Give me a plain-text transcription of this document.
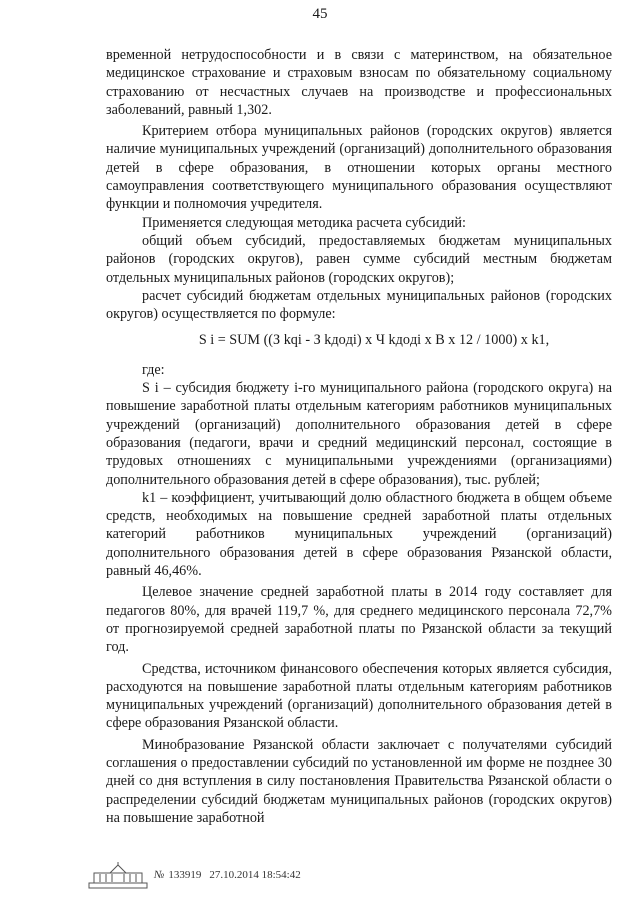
45

временной нетрудоспособности и в связи с материнством, на обязательное медицинское страхование и страховым взносам по обязательному социальному страхованию от несчастных случаев на производстве и профессиональных заболеваний, равный 1,302.

Критерием отбора муниципальных районов (городских округов) является наличие муниципальных учреждений (организаций) дополнительного образования детей в сфере образования, в отношении которых органы местного самоуправления соответствующего муниципального образования осуществляют функции и полномочия учредителя.

Применяется следующая методика расчета субсидий:

общий объем субсидий, предоставляемых бюджетам муниципальных районов (городских округов), равен сумме субсидий местным бюджетам отдельных муниципальных районов (городских округов);

расчет субсидий бюджетам отдельных муниципальных районов (городских округов) осуществляется по формуле:

S i = SUM ((З kqi - З kдoдi) х Ч kдoдi х В х 12 / 1000) х k1,

где:

S i – субсидия бюджету i-го муниципального района (городского округа) на повышение заработной платы отдельным категориям работников муниципальных учреждений (организаций) дополнительного образования детей в сфере образования (педагоги, врачи и средний медицинский персонал, состоящие в трудовых отношениях с муниципальными учреждениями (организациями) дополнительного образования детей в сфере образования), тыс. рублей;

k1 – коэффициент, учитывающий долю областного бюджета в общем объеме средств, необходимых на повышение средней заработной платы отдельных категорий работников муниципальных учреждений (организаций) дополнительного образования детей в сфере образования Рязанской области, равный 46,46%.

Целевое значение средней заработной платы в 2014 году составляет для педагогов 80%, для врачей 119,7 %, для среднего медицинского персонала 72,7% от прогнозируемой средней заработной платы по Рязанской области за текущий год.

Средства, источником финансового обеспечения которых является субсидия, расходуются на повышение заработной платы отдельным категориям работников муниципальных учреждений (организаций) дополнительного образования детей в сфере образования Рязанской области.

Минобразование Рязанской области заключает с получателями субсидий соглашения о предоставлении субсидий по установленной им форме не позднее 30 дней со дня вступления в силу постановления Правительства Рязанской области о распределении субсидий бюджетам муниципальных районов (городских округов) на повышение заработной

№ 133919 27.10.2014 18:54:42
